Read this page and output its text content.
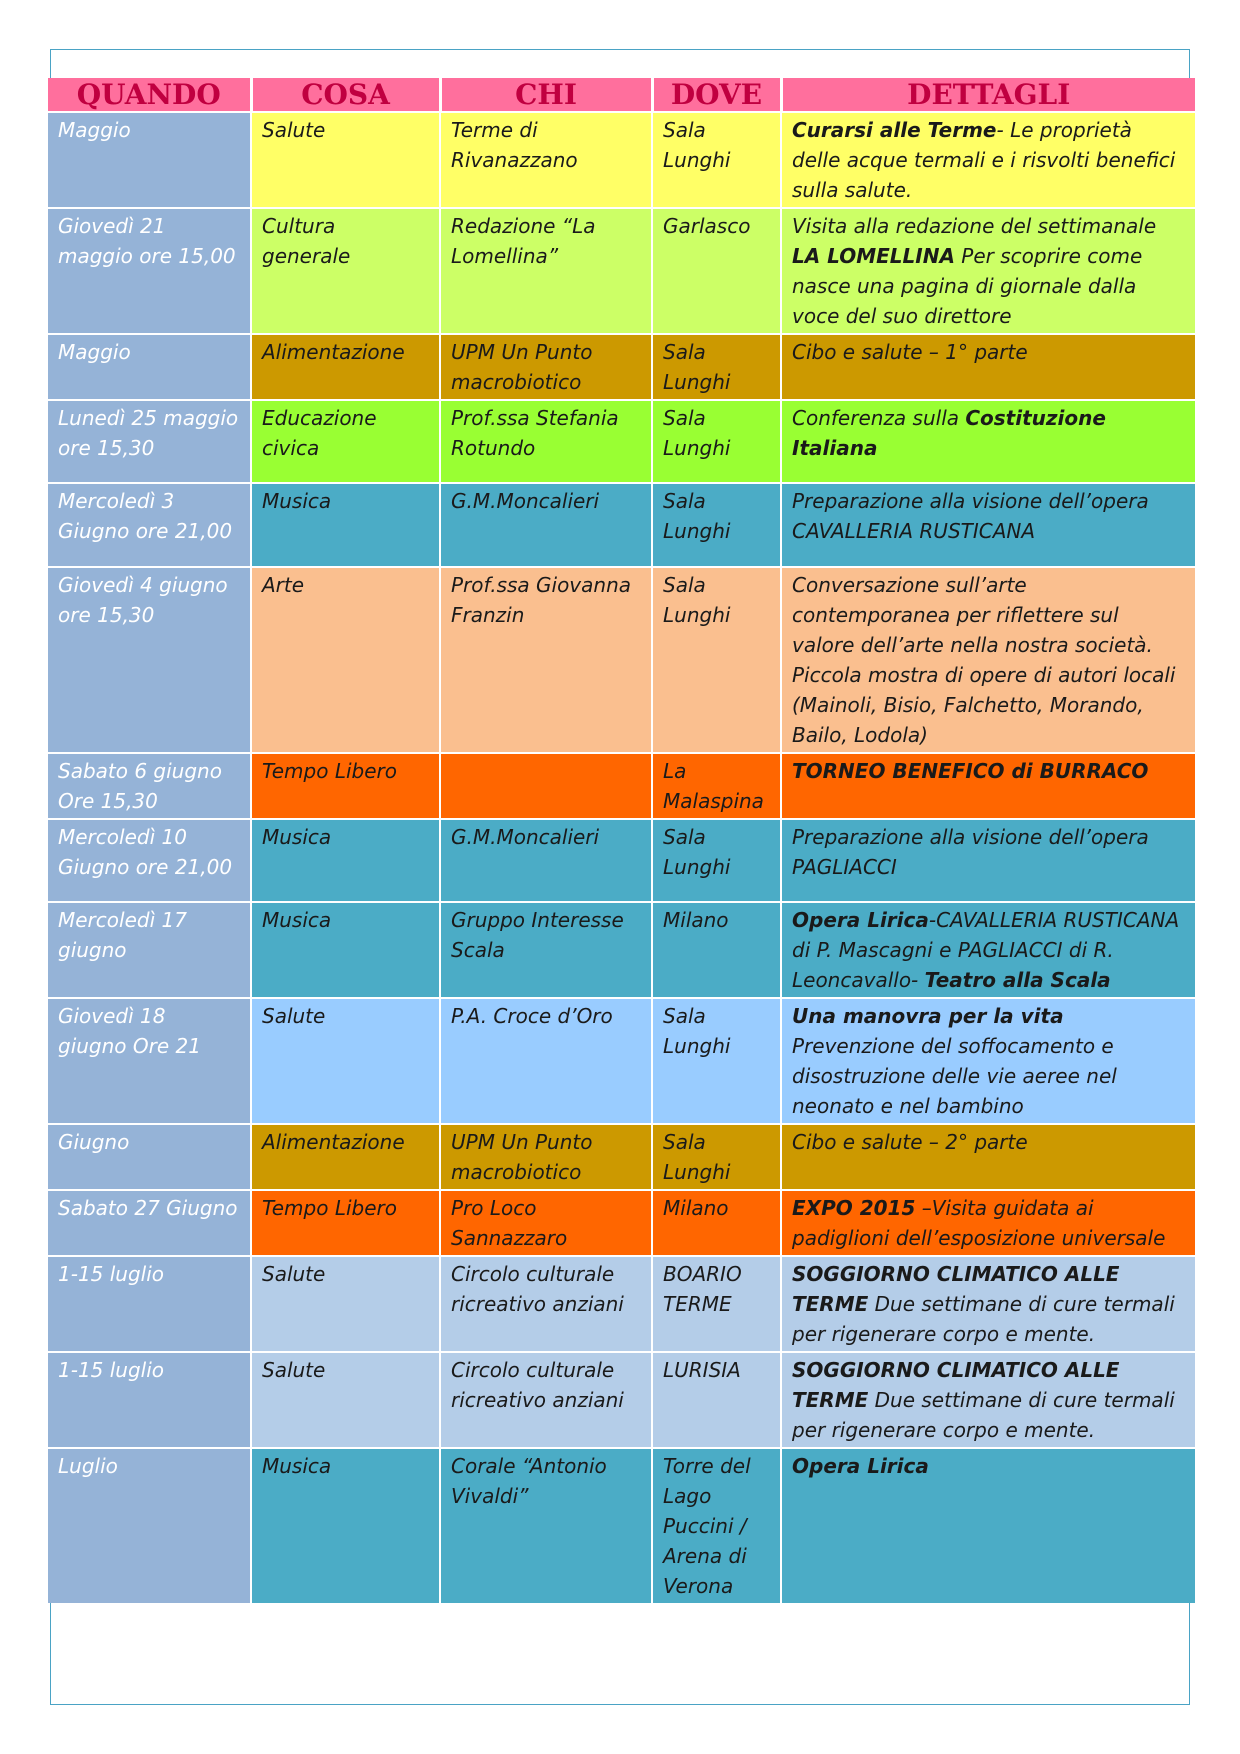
QUANDO	COSA	CHI	DOVE	DETTAGLI
Maggio	Salute	Terme di Rivanazzano	Sala Lunghi	Curarsi alle Terme- Le proprietà delle acque termali e i risvolti benefici sulla salute.
Giovedì 21 maggio ore 15,00	Cultura generale	Redazione “La Lomellina”	Garlasco	Visita alla redazione del settimanale LA LOMELLINA Per scoprire come nasce una pagina di giornale dalla voce del suo direttore
Maggio	Alimentazione	UPM Un Punto macrobiotico	Sala Lunghi	Cibo e salute – 1° parte
Lunedì 25 maggio ore 15,30	Educazione civica	Prof.ssa Stefania Rotundo	Sala Lunghi	Conferenza sulla Costituzione Italiana
Mercoledì 3 Giugno ore 21,00	Musica	G.M.Moncalieri	Sala Lunghi	Preparazione alla visione dell’opera CAVALLERIA RUSTICANA
Giovedì 4 giugno ore 15,30	Arte	Prof.ssa Giovanna Franzin	Sala Lunghi	Conversazione sull’arte contemporanea per riflettere sul valore dell’arte nella nostra società. Piccola mostra di opere di autori locali (Mainoli, Bisio, Falchetto, Morando, Bailo, Lodola)
Sabato 6 giugno Ore 15,30	Tempo Libero		La Malaspina	TORNEO BENEFICO di BURRACO
Mercoledì 10 Giugno ore 21,00	Musica	G.M.Moncalieri	Sala Lunghi	Preparazione alla visione dell’opera PAGLIACCI
Mercoledì 17 giugno	Musica	Gruppo Interesse Scala	Milano	Opera Lirica-CAVALLERIA RUSTICANA di P. Mascagni e PAGLIACCI di R. Leoncavallo- Teatro alla Scala
Giovedì 18 giugno Ore 21	Salute	P.A. Croce d’Oro	Sala Lunghi	Una manovra per la vita Prevenzione del soffocamento e disostruzione delle vie aeree nel neonato e nel bambino
Giugno	Alimentazione	UPM Un Punto macrobiotico	Sala Lunghi	Cibo e salute – 2° parte
Sabato 27 Giugno	Tempo Libero	Pro Loco Sannazzaro	Milano	EXPO 2015 –Visita guidata ai padiglioni dell’esposizione universale
1-15 luglio	Salute	Circolo culturale ricreativo anziani	BOARIO TERME	SOGGIORNO CLIMATICO ALLE TERME Due settimane di cure termali per rigenerare corpo e mente.
1-15 luglio	Salute	Circolo culturale ricreativo anziani	LURISIA	SOGGIORNO CLIMATICO ALLE TERME Due settimane di cure termali per rigenerare corpo e mente.
Luglio	Musica	Corale “Antonio Vivaldi”	Torre del Lago Puccini / Arena di Verona	Opera Lirica
